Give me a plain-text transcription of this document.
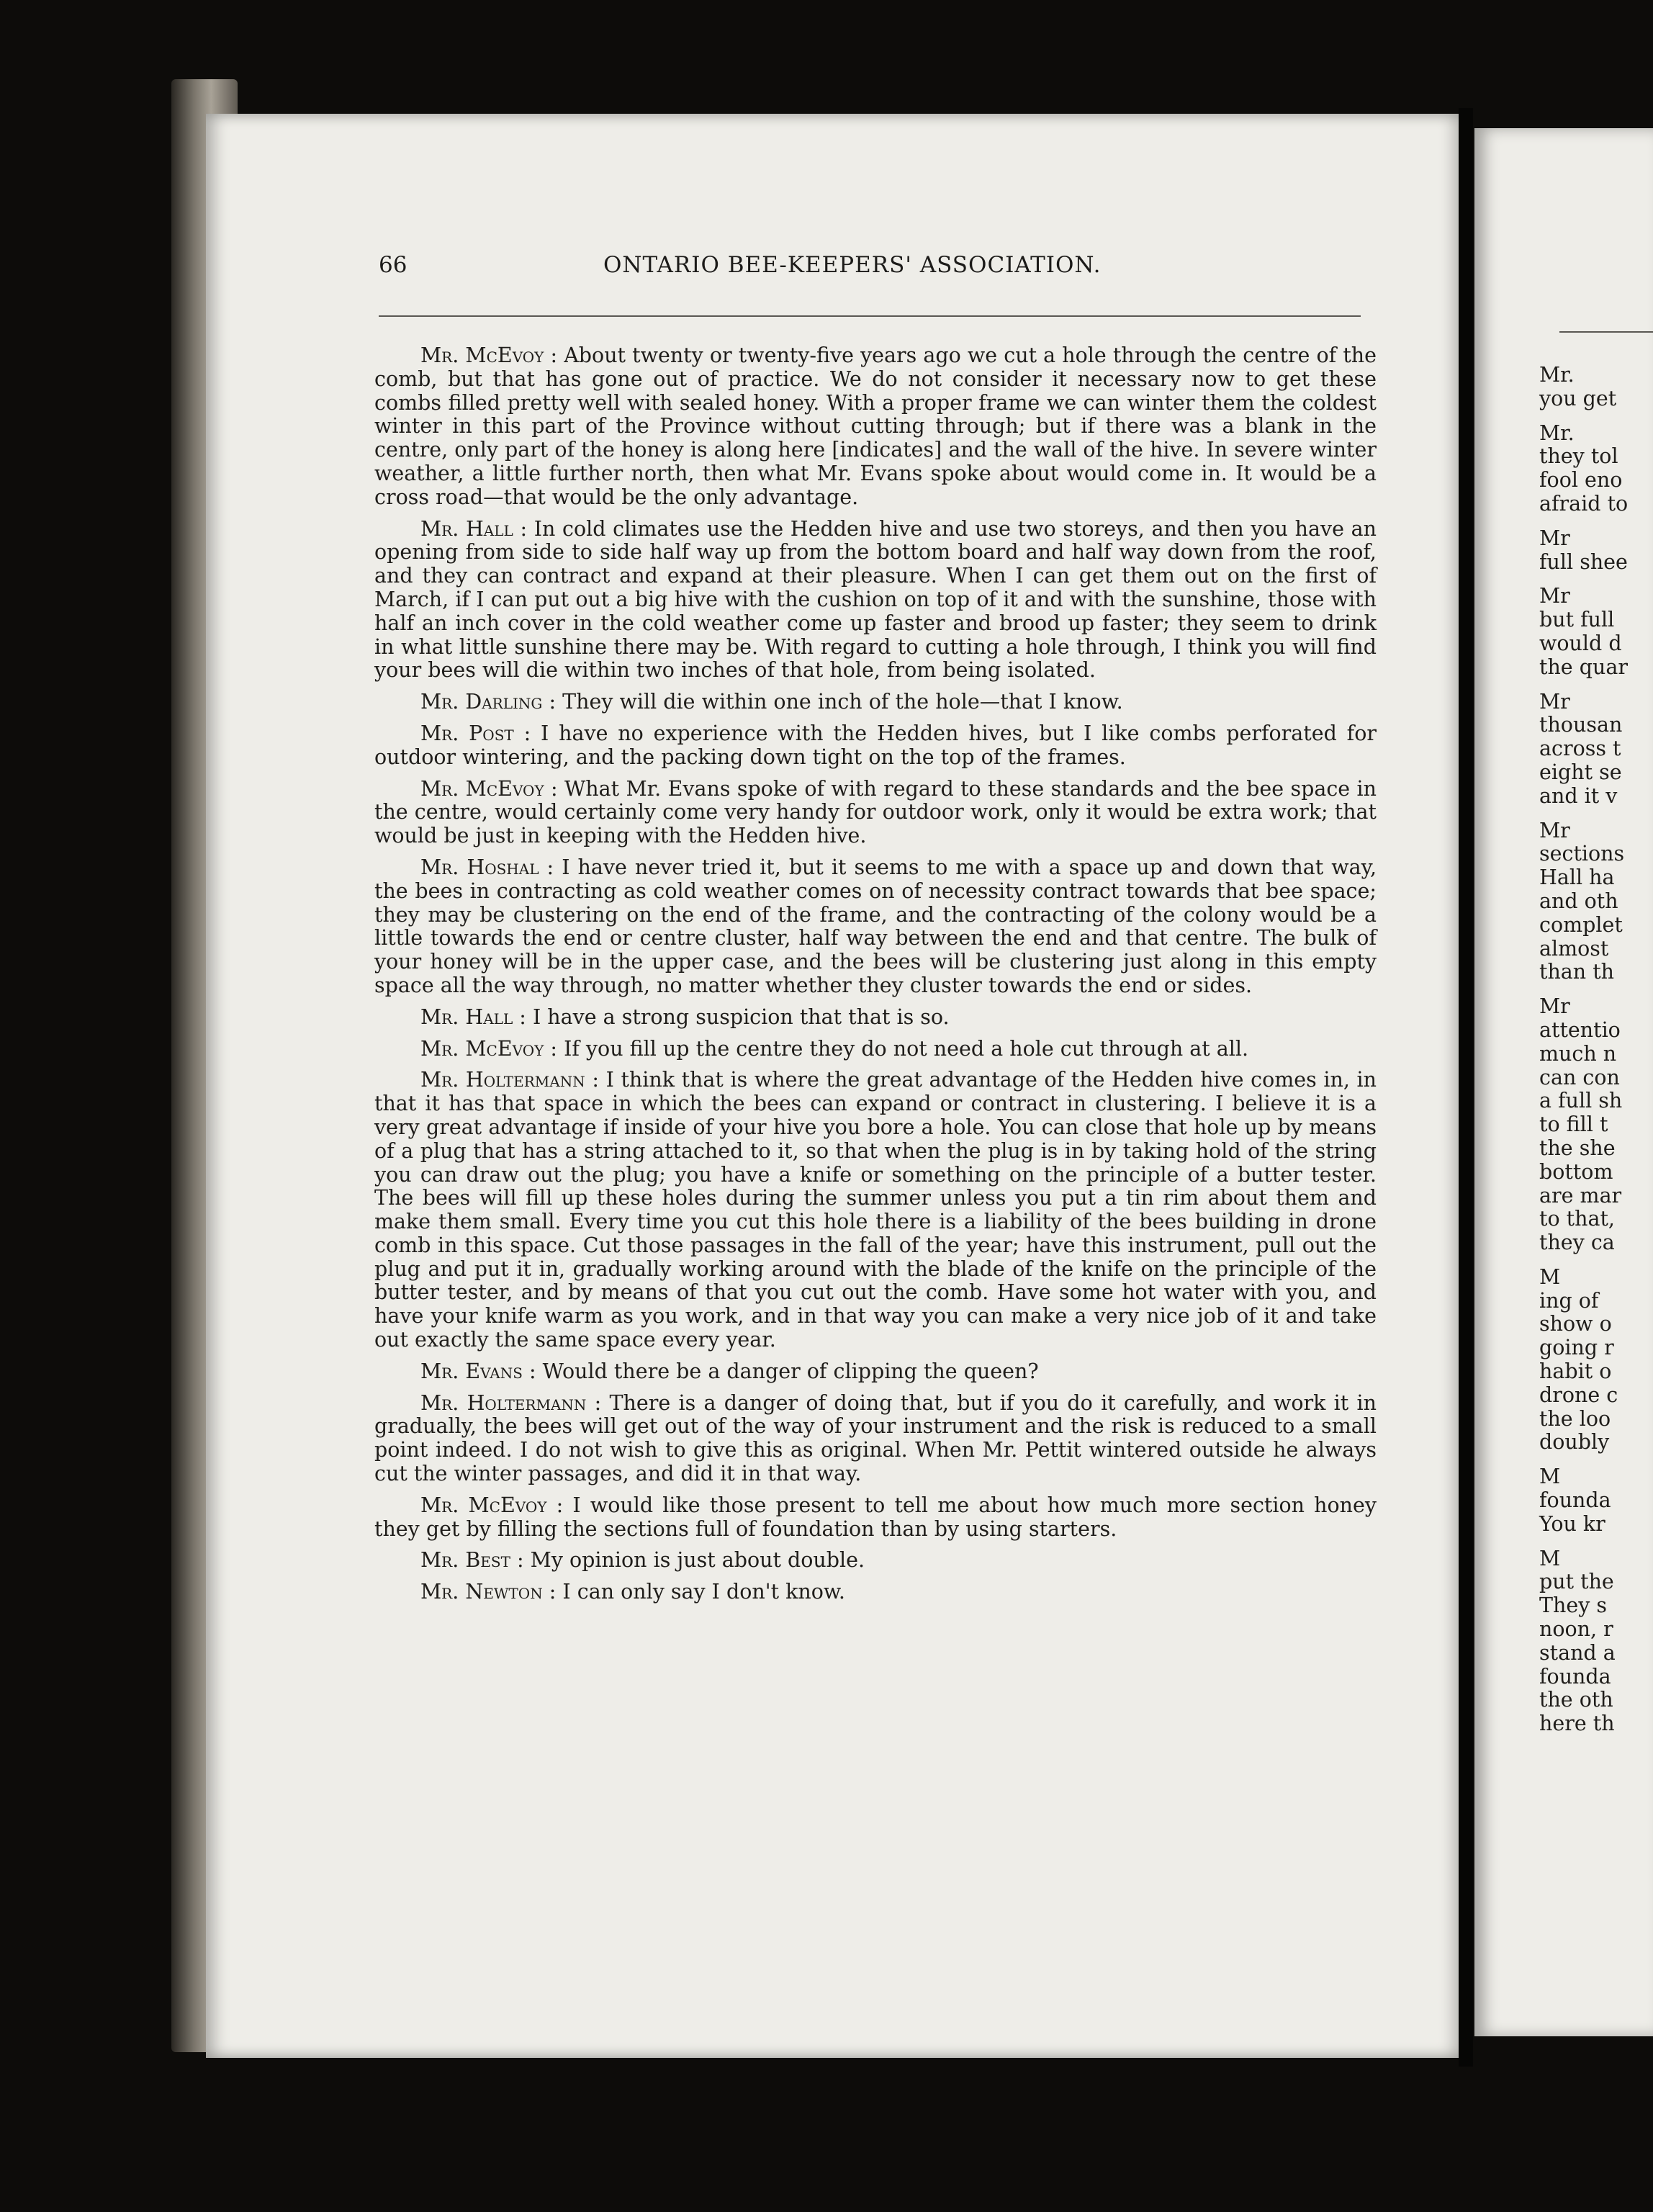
66	ONTARIO BEE-KEEPERS' ASSOCIATION.

Mr. McEvoy : About twenty or twenty-five years ago we cut a hole through the centre of the comb, but that has gone out of practice. We do not consider it necessary now to get these combs filled pretty well with sealed honey. With a proper frame we can winter them the coldest winter in this part of the Province without cutting through; but if there was a blank in the centre, only part of the honey is along here [indicates] and the wall of the hive. In severe winter weather, a little further north, then what Mr. Evans spoke about would come in. It would be a cross road—that would be the only advantage.

Mr. Hall : In cold climates use the Hedden hive and use two storeys, and then you have an opening from side to side half way up from the bottom board and half way down from the roof, and they can contract and expand at their pleasure. When I can get them out on the first of March, if I can put out a big hive with the cushion on top of it and with the sunshine, those with half an inch cover in the cold weather come up faster and brood up faster; they seem to drink in what little sunshine there may be. With regard to cutting a hole through, I think you will find your bees will die within two inches of that hole, from being isolated.

Mr. Darling : They will die within one inch of the hole—that I know.

Mr. Post : I have no experience with the Hedden hives, but I like combs perforated for outdoor wintering, and the packing down tight on the top of the frames.

Mr. McEvoy : What Mr. Evans spoke of with regard to these standards and the bee space in the centre, would certainly come very handy for outdoor work, only it would be extra work; that would be just in keeping with the Hedden hive.

Mr. Hoshal : I have never tried it, but it seems to me with a space up and down that way, the bees in contracting as cold weather comes on of necessity contract towards that bee space; they may be clustering on the end of the frame, and the contracting of the colony would be a little towards the end or centre cluster, half way between the end and that centre. The bulk of your honey will be in the upper case, and the bees will be clustering just along in this empty space all the way through, no matter whether they cluster towards the end or sides.

Mr. Hall : I have a strong suspicion that that is so.

Mr. McEvoy : If you fill up the centre they do not need a hole cut through at all.

Mr. Holtermann : I think that is where the great advantage of the Hedden hive comes in, in that it has that space in which the bees can expand or contract in clustering. I believe it is a very great advantage if inside of your hive you bore a hole. You can close that hole up by means of a plug that has a string attached to it, so that when the plug is in by taking hold of the string you can draw out the plug; you have a knife or something on the principle of a butter tester. The bees will fill up these holes during the summer unless you put a tin rim about them and make them small. Every time you cut this hole there is a liability of the bees building in drone comb in this space. Cut those passages in the fall of the year; have this instrument, pull out the plug and put it in, gradually working around with the blade of the knife on the principle of the butter tester, and by means of that you cut out the comb. Have some hot water with you, and have your knife warm as you work, and in that way you can make a very nice job of it and take out exactly the same space every year.

Mr. Evans : Would there be a danger of clipping the queen?

Mr. Holtermann : There is a danger of doing that, but if you do it carefully, and work it in gradually, the bees will get out of the way of your instrument and the risk is reduced to a small point indeed. I do not wish to give this as original. When Mr. Pettit wintered outside he always cut the winter passages, and did it in that way.

Mr. McEvoy : I would like those present to tell me about how much more section honey they get by filling the sections full of foundation than by using starters.

Mr. Best : My opinion is just about double.

Mr. Newton : I can only say I don't know.

Mr.
you get
Mr.
they tol
fool eno
afraid to
Mr
full shee
Mr
but full
would d
the quar
Mr
thousan
across t
eight se
and it v
Mr
sections
Hall ha
and oth
complet
almost
than th
Mr
attentio
much n
can con
a full sh
to fill t
the she
bottom
are mar
to that,
they ca
M
ing of
show o
going r
habit o
drone c
the loo
doubly
M
founda
You kr
M
put the
They s
noon, r
stand a
founda
the oth
here th
